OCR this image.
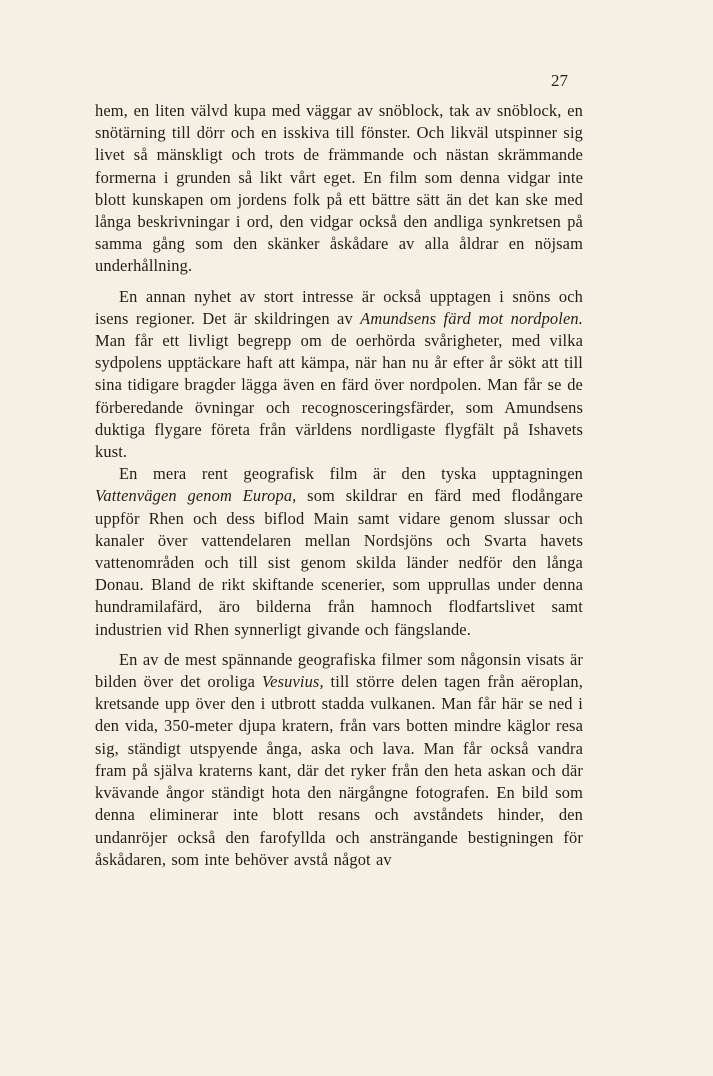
27

hem, en liten välvd kupa med väggar av snöblock, tak av snöblock, en snötärning till dörr och en isskiva till fönster. Och likväl utspinner sig livet så mänskligt och trots de främmande och nästan skrämmande formerna i grunden så likt vårt eget. En film som denna vidgar inte blott kunskapen om jordens folk på ett bättre sätt än det kan ske med långa beskrivningar i ord, den vidgar också den andliga synkretsen på samma gång som den skänker åskådare av alla åldrar en nöjsam underhållning.

En annan nyhet av stort intresse är också upptagen i snöns och isens regioner. Det är skildringen av Amundsens färd mot nordpolen. Man får ett livligt begrepp om de oerhörda svårigheter, med vilka sydpolens upptäckare haft att kämpa, när han nu år efter år sökt att till sina tidigare bragder lägga även en färd över nordpolen. Man får se de förberedande övningar och recognosceringsfärder, som Amundsens duktiga flygare företa från världens nordligaste flygfält på Ishavets kust.

En mera rent geografisk film är den tyska upptagningen Vattenvägen genom Europa, som skildrar en färd med flodångare uppför Rhen och dess biflod Main samt vidare genom slussar och kanaler över vattendelaren mellan Nordsjöns och Svarta havets vattenområden och till sist genom skilda länder nedför den långa Donau. Bland de rikt skiftande scenerier, som upprullas under denna hundramilafärd, äro bilderna från hamnoch flodfartslivet samt industrien vid Rhen synnerligt givande och fängslande.

En av de mest spännande geografiska filmer som någonsin visats är bilden över det oroliga Vesuvius, till större delen tagen från aëroplan, kretsande upp över den i utbrott stadda vulkanen. Man får här se ned i den vida, 350-meter djupa kratern, från vars botten mindre käglor resa sig, ständigt utspyende ånga, aska och lava. Man får också vandra fram på själva kraterns kant, där det ryker från den heta askan och där kvävande ångor ständigt hota den närgångne fotografen. En bild som denna eliminerar inte blott resans och avståndets hinder, den undanröjer också den farofyllda och ansträngande bestigningen för åskådaren, som inte behöver avstå något av
